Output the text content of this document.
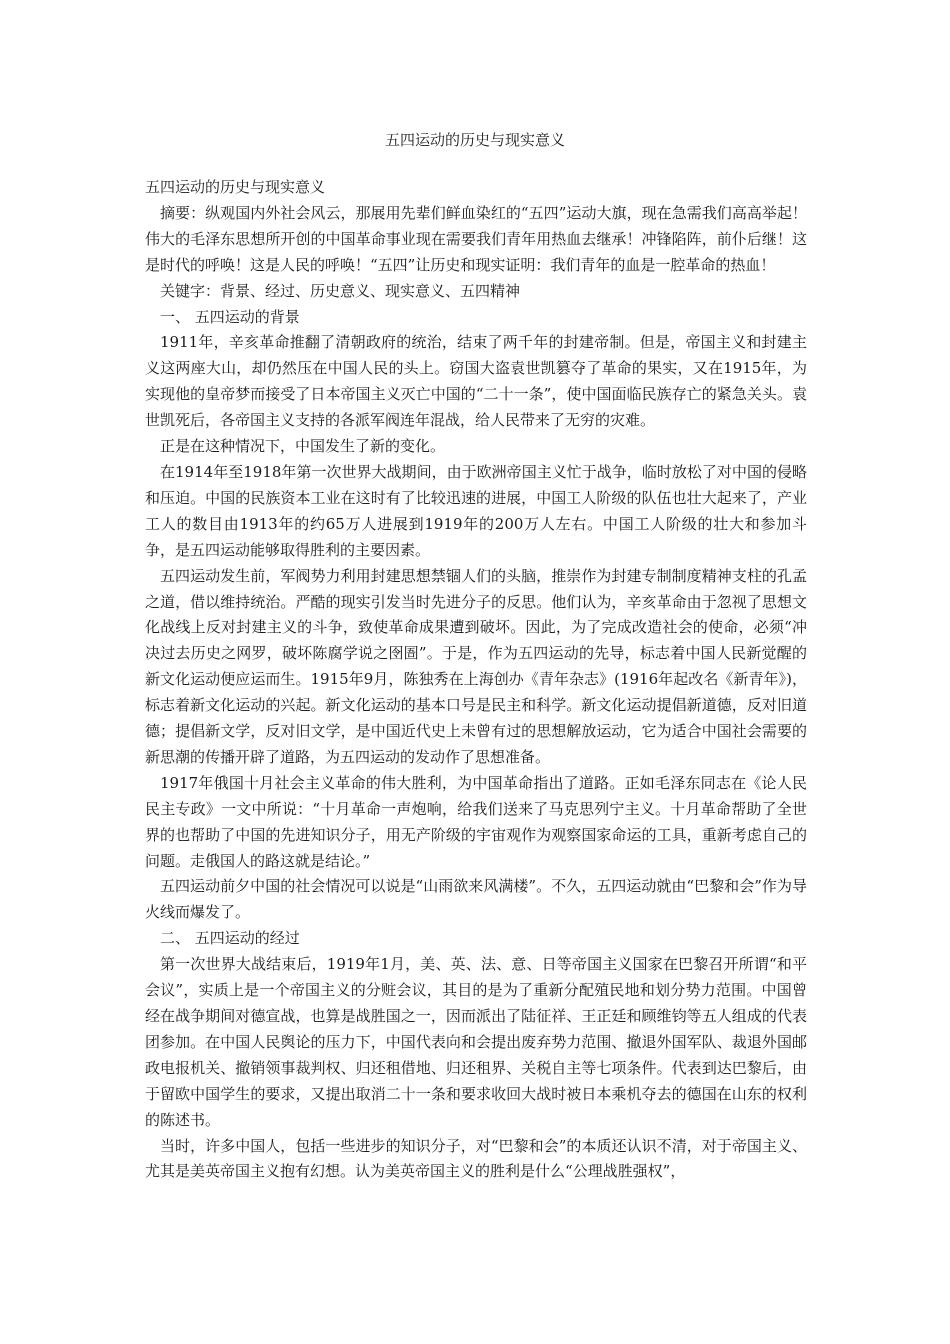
五四运动的历史与现实意义

五四运动的历史与现实意义

摘要：纵观国内外社会风云，那展用先辈们鲜血染红的“五四”运动大旗，现在急需我们高高举起！伟大的毛泽东思想所开创的中国革命事业现在需要我们青年用热血去继承！冲锋陷阵，前仆后继！这是时代的呼唤！这是人民的呼唤！“五四”让历史和现实证明：我们青年的血是一腔革命的热血！

关键字：背景、经过、历史意义、现实意义、五四精神

一、 五四运动的背景

1911年，辛亥革命推翻了清朝政府的统治，结束了两千年的封建帝制。但是，帝国主义和封建主义这两座大山，却仍然压在中国人民的头上。窃国大盗袁世凯篡夺了革命的果实，又在1915年，为实现他的皇帝梦而接受了日本帝国主义灭亡中国的“二十一条”，使中国面临民族存亡的紧急关头。袁世凯死后，各帝国主义支持的各派军阀连年混战，给人民带来了无穷的灾难。

正是在这种情况下，中国发生了新的变化。

在1914年至1918年第一次世界大战期间，由于欧洲帝国主义忙于战争，临时放松了对中国的侵略和压迫。中国的民族资本工业在这时有了比较迅速的进展，中国工人阶级的队伍也壮大起来了，产业工人的数目由1913年的约65万人进展到1919年的200万人左右。中国工人阶级的壮大和参加斗争，是五四运动能够取得胜利的主要因素。

五四运动发生前，军阀势力利用封建思想禁锢人们的头脑，推崇作为封建专制制度精神支柱的孔孟之道，借以维持统治。严酷的现实引发当时先进分子的反思。他们认为，辛亥革命由于忽视了思想文化战线上反对封建主义的斗争，致使革命成果遭到破坏。因此，为了完成改造社会的使命，必须“冲决过去历史之网罗，破坏陈腐学说之囹圄”。于是，作为五四运动的先导，标志着中国人民新觉醒的新文化运动便应运而生。1915年9月，陈独秀在上海创办《青年杂志》(1916年起改名《新青年》)，标志着新文化运动的兴起。新文化运动的基本口号是民主和科学。新文化运动提倡新道德，反对旧道德；提倡新文学，反对旧文学，是中国近代史上未曾有过的思想解放运动，它为适合中国社会需要的新思潮的传播开辟了道路，为五四运动的发动作了思想准备。

1917年俄国十月社会主义革命的伟大胜利，为中国革命指出了道路。正如毛泽东同志在《论人民民主专政》一文中所说：“十月革命一声炮响，给我们送来了马克思列宁主义。十月革命帮助了全世界的也帮助了中国的先进知识分子，用无产阶级的宇宙观作为观察国家命运的工具，重新考虑自己的问题。走俄国人的路这就是结论。”

五四运动前夕中国的社会情况可以说是“山雨欲来风满楼”。不久，五四运动就由“巴黎和会”作为导火线而爆发了。

二、 五四运动的经过

第一次世界大战结束后，1919年1月，美、英、法、意、日等帝国主义国家在巴黎召开所谓“和平会议”，实质上是一个帝国主义的分赃会议，其目的是为了重新分配殖民地和划分势力范围。中国曾经在战争期间对德宣战，也算是战胜国之一，因而派出了陆征祥、王正廷和顾维钧等五人组成的代表团参加。在中国人民舆论的压力下，中国代表向和会提出废弃势力范围、撤退外国军队、裁退外国邮政电报机关、撤销领事裁判权、归还租借地、归还租界、关税自主等七项条件。代表到达巴黎后，由于留欧中国学生的要求，又提出取消二十一条和要求收回大战时被日本乘机夺去的德国在山东的权利的陈述书。

当时，许多中国人，包括一些进步的知识分子，对“巴黎和会”的本质还认识不清，对于帝国主义、尤其是美英帝国主义抱有幻想。认为美英帝国主义的胜利是什么“公理战胜强权”，
